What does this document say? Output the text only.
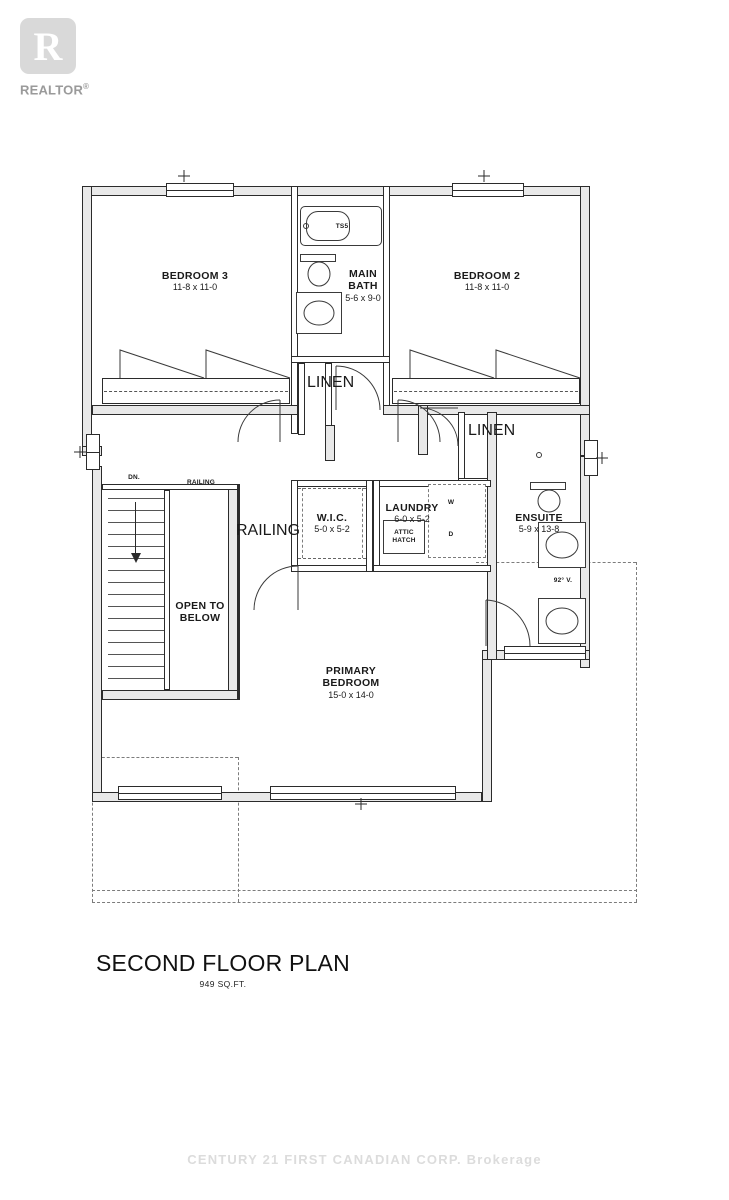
R
REALTOR®
BEDROOM 3
11-8 x 11-0
MAIN
BATH
5-6 x 9-0
BEDROOM 2
11-8 x 11-0
W.I.C.
5-0 x 5-2
LAUNDRY
6-0 x 5-2	ENSUITE
5-9 x 13-8
PRIMARY
BEDROOM
15-0 x 14-0
OPEN TO
BELOW
DN.
RAILING
RAILING
LINEN
LINEN
ATTIC
HATCH
W
D
TS5
92° V.
SECOND FLOOR PLAN
949 SQ.FT.
CENTURY 21 FIRST CANADIAN CORP. Brokerage
